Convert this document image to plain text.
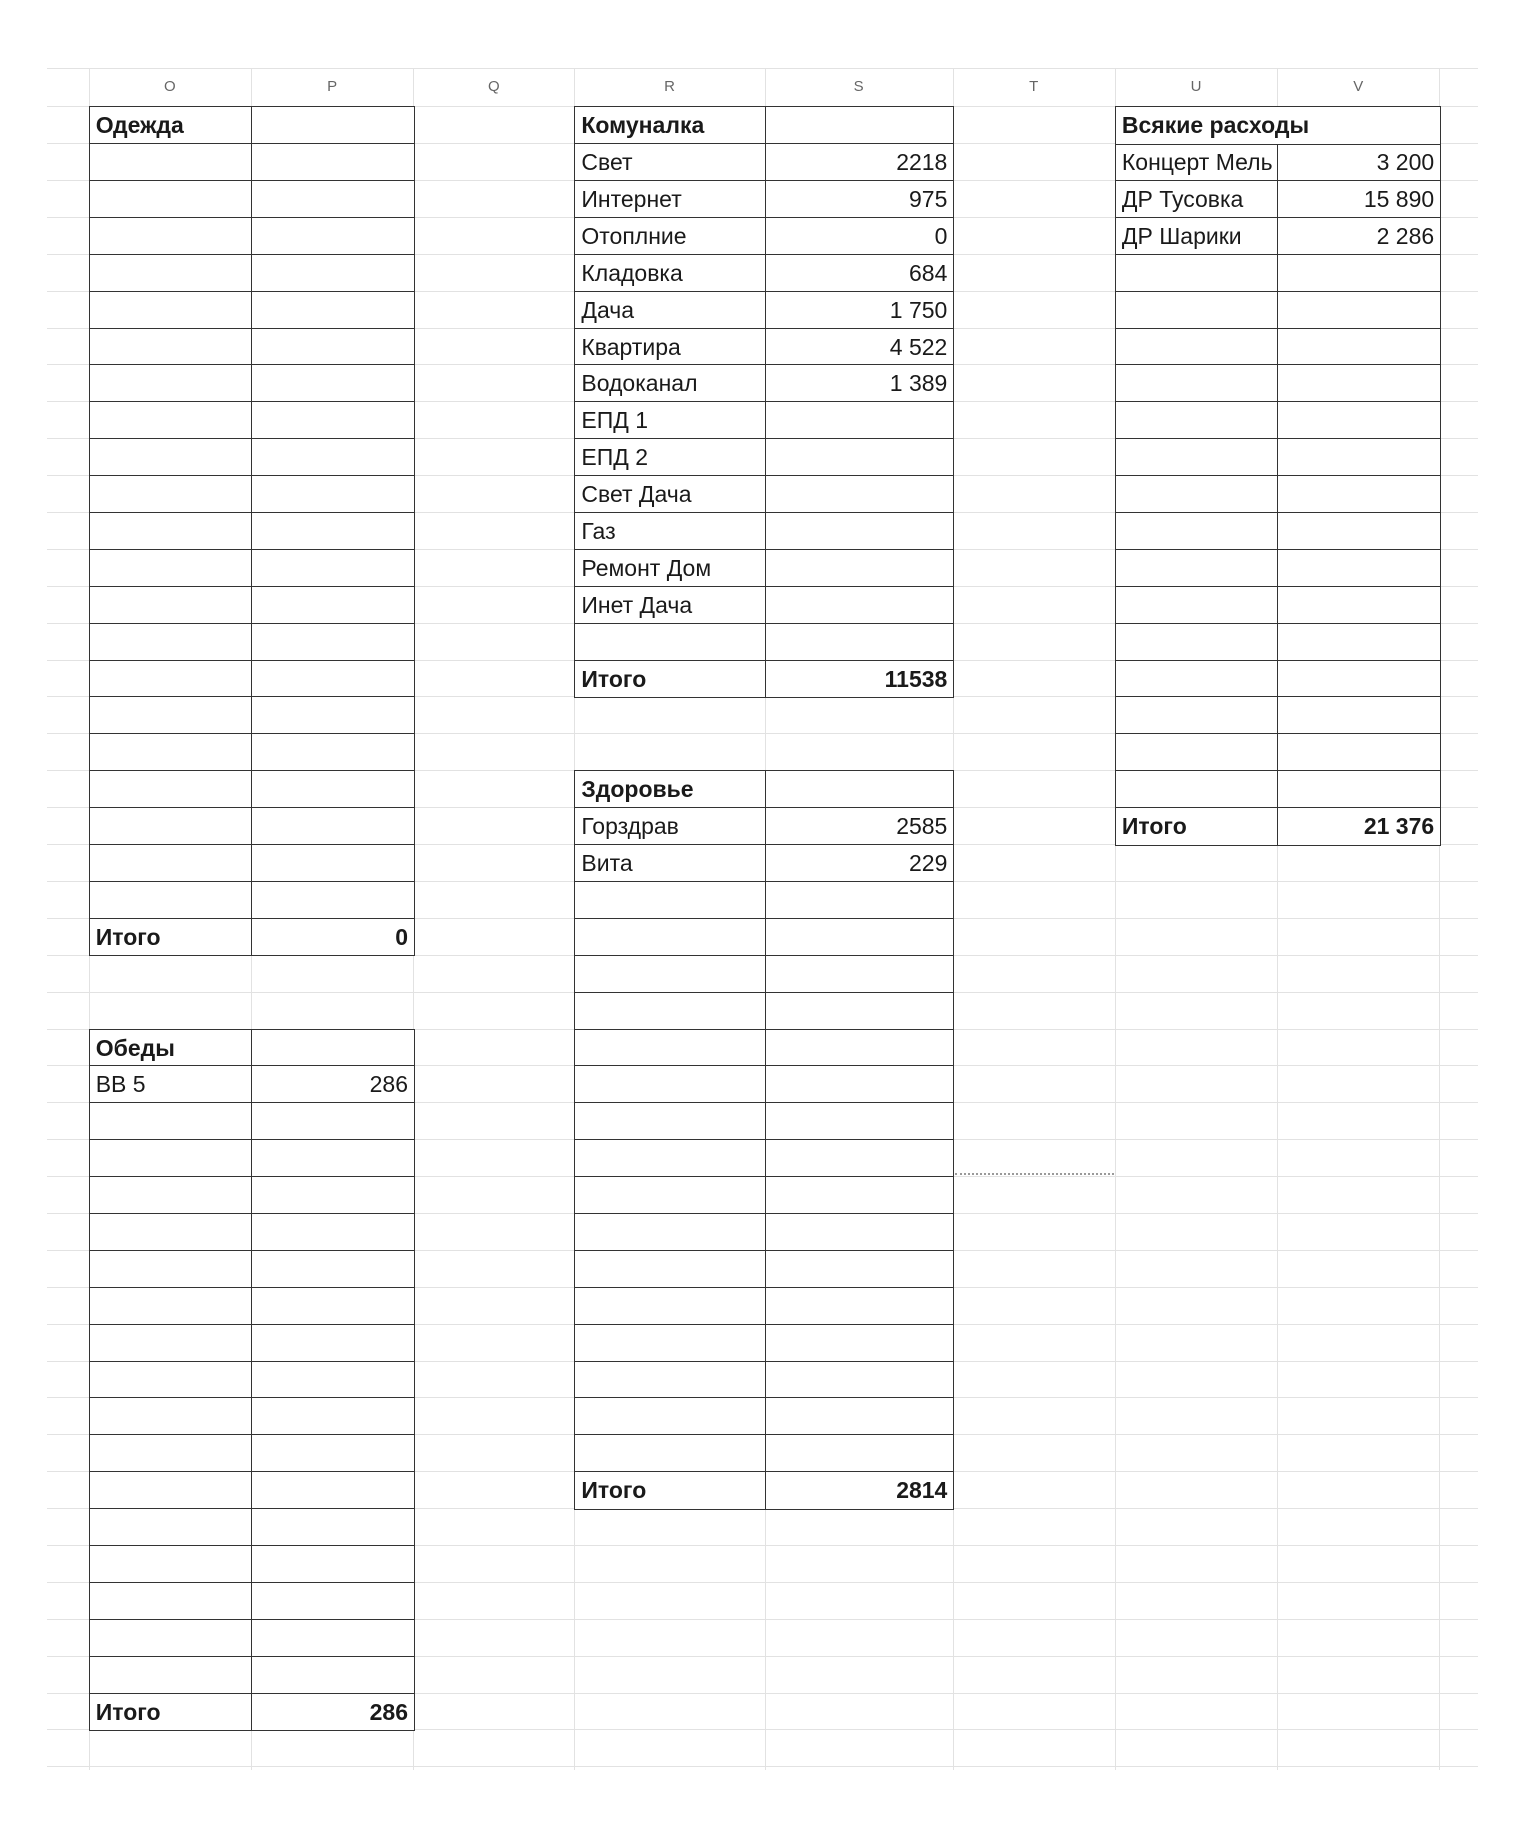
O	P	Q	R	S	T	U	V
Одежда
Итого	0
Обеды
ВВ 5	286
Итого	286
Комуналка
Свет	2218
Интернет	975
Отоплние	0
Кладовка	684
Дача	1 750
Квартира	4 522
Водоканал	1 389
ЕПД 1
ЕПД 2
Свет Дача
Газ
Ремонт Дом
Инет Дача
Итого	11538
Здоровье
Горздрав	2585
Вита	229
Итого	2814
Всякие расходы
Концерт Мель	3 200
ДР Тусовка	15 890
ДР Шарики	2 286
Итого	21 376
